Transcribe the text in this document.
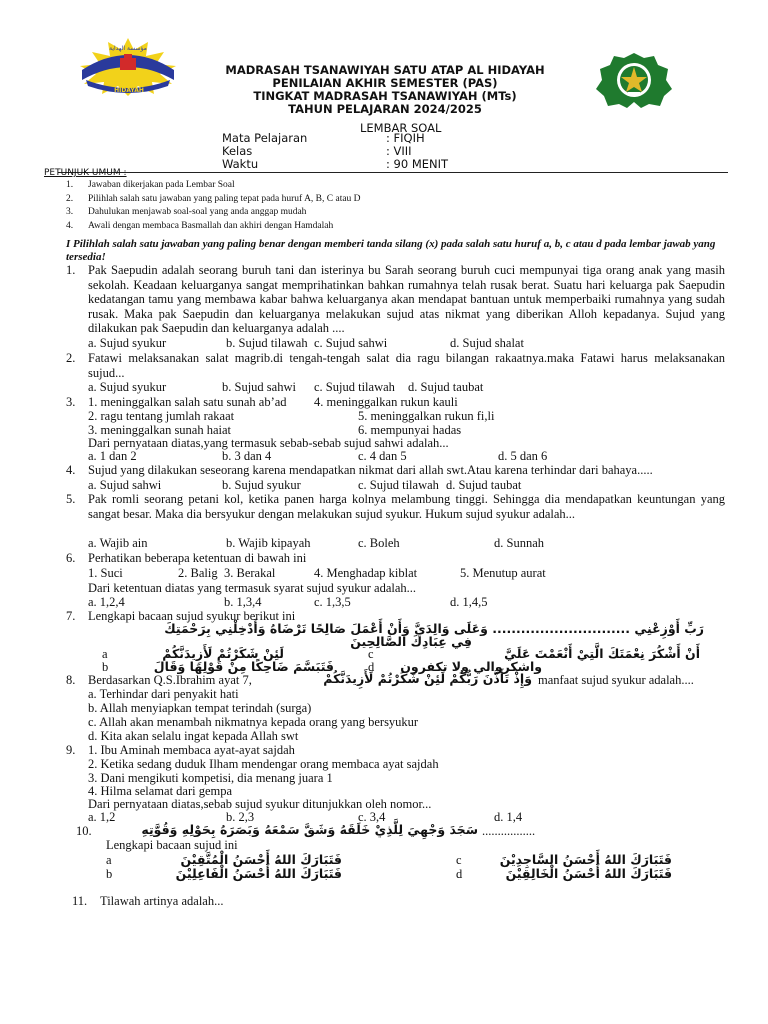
YAYASAN AL-HIDAYAH
مؤسسة الهداية
MADRASAH TSANAWIYAH SATU ATAP AL HIDAYAH
PENILAIAN AKHIR SEMESTER (PAS)
TINGKAT MADRASAH TSANAWIYAH (MTs)
TAHUN PELAJARAN 2024/2025
LEMBAR SOAL
Mata Pelajaran	: FIQIH
Kelas	: VIII
Waktu	: 90 MENIT
PETUNJUK UMUM :
1. Jawaban dikerjakan pada Lembar Soal
2. Pilihlah salah satu jawaban yang paling tepat pada huruf A, B, C atau D
3. Dahulukan menjawab soal-soal yang anda anggap mudah
4. Awali dengan membaca Basmallah dan akhiri dengan Hamdalah
I Pilihlah salah satu jawaban yang paling benar dengan memberi tanda silang (x) pada salah satu huruf a, b, c atau d pada lembar jawab yang tersedia!
1. Pak Saepudin adalah seorang buruh tani dan isterinya bu Sarah seorang buruh cuci mempunyai tiga orang anak yang masih sekolah. Keadaan keluarganya sangat memprihatinkan bahkan rumahnya telah rusak berat. Suatu hari keluarga pak Saepudin kedatangan tamu yang membawa kabar bahwa keluarganya akan mendapat bantuan untuk memperbaiki rumahnya yang sudah rusak. Maka pak Saepudin dan keluarganya melakukan sujud atas nikmat yang diberikan Alloh kepadanya. Sujud yang dilakukan pak Saepudin dan keluarganya adalah ....
a. Sujud syukur	b. Sujud tilawah c. Sujud sahwi	d. Sujud shalat
2. Fatawi melaksanakan salat magrib.di tengah-tengah salat dia ragu bilangan rakaatnya.maka Fatawi harus melaksanakan sujud...
a. Sujud syukur	b. Sujud sahwi c. Sujud tilawah d. Sujud taubat
3. 1. meninggalkan salah satu sunah ab’ad 4. meninggalkan rukun kauli
2. ragu tentang jumlah rakaat	5. meninggalkan rukun fi,li
3. meninggalkan sunah haiat	6. mempunyai hadas
Dari pernyataan diatas,yang termasuk sebab-sebab sujud sahwi adalah...
a. 1 dan 2	b. 3 dan 4	c. 4 dan 5	d. 5 dan 6
4. Sujud yang dilakukan seseorang karena mendapatkan nikmat dari allah swt.Atau karena terhindar dari bahaya.....
a. Sujud sahwi	b. Sujud syukur	c. Sujud tilawah d. Sujud taubat
5. Pak romli seorang petani kol, ketika panen harga kolnya melambung tinggi. Sehingga dia mendapatkan keuntungan yang sangat besar. Maka dia bersyukur dengan melakukan sujud syukur. Hukum sujud syukur adalah...
a. Wajib ain	b. Wajib kipayah	c. Boleh	d. Sunnah
6. Perhatikan beberapa ketentuan di bawah ini
1. Suci	2. Balig 3. Berakal	4. Menghadap kiblat	5. Menutup aurat
Dari ketentuan diatas yang termasuk syarat sujud syukur adalah...
a. 1,2,4	b. 1,3,4	c. 1,3,5	d. 1,4,5
7. Lengkapi bacaan sujud syukur berikut ini
رَبِّ أَوْزِعْنِي ............................. وَعَلَى وَالِدَيَّ وَأَنْ أَعْمَلَ صَالِحًا تَرْضَاهُ وَأَدْخِلْنِي بِرَحْمَتِكَ
فِي عِبَادِكَ الصَّالِحِينَ
a	لَئِنْ شَكَرْتُمْ لَأَزِيدَنَّكُمْ	c	أَنْ أَشْكُرَ نِعْمَتَكَ الَّتِيْ أَنْعَمْتَ عَلَيَّ
b	فَتَبَسَّمَ ضَاحِكًا مِنْ قَوْلِهَا وَقَالَ	d واشكروالي ولا تكفرون
8. Berdasarkan Q.S.Ibrahim ayat 7,	وَإِذْ تَأَذَّنَ رَبُّكُمْ لَئِنْ شَكَرْتُمْ لَأَزِيدَنَّكُمْ manfaat sujud syukur adalah....
a. Terhindar dari penyakit hati
b. Allah menyiapkan tempat terindah (surga)
c. Allah akan menambah nikmatnya kepada orang yang bersyukur
d. Kita akan selalu ingat kepada Allah swt
9. 1. Ibu Aminah membaca ayat-ayat sajdah
2. Ketika sedang duduk Ilham mendengar orang membaca ayat sajdah
3. Dani mengikuti kompetisi, dia menang juara 1
4. Hilma selamat dari gempa
Dari pernyataan diatas,sebab sujud syukur ditunjukkan oleh nomor...
a. 1,2	b. 2,3	c. 3,4	d. 1,4
10.	سَجَدَ وَجْهِيَ لِلَّذِيْ خَلَقَهُ وَشَقَّ سَمْعَهُ وَبَصَرَهُ بِحَوْلِهِ وَقُوَّتِهِ .................
Lengkapi bacaan sujud ini
a	فَتَبَارَكَ اللهُ أَحْسَنُ الْمُتَّقِيْنَ	c	فَتَبَارَكَ اللهُ أَحْسَنُ السَّاجِدِيْنَ
b	فَتَبَارَكَ اللهُ أَحْسَنُ الْفَاعِلِيْنَ	d	فَتَبَارَكَ اللهُ أَحْسَنُ الْخَالِقِيْنَ
11. Tilawah artinya adalah...
